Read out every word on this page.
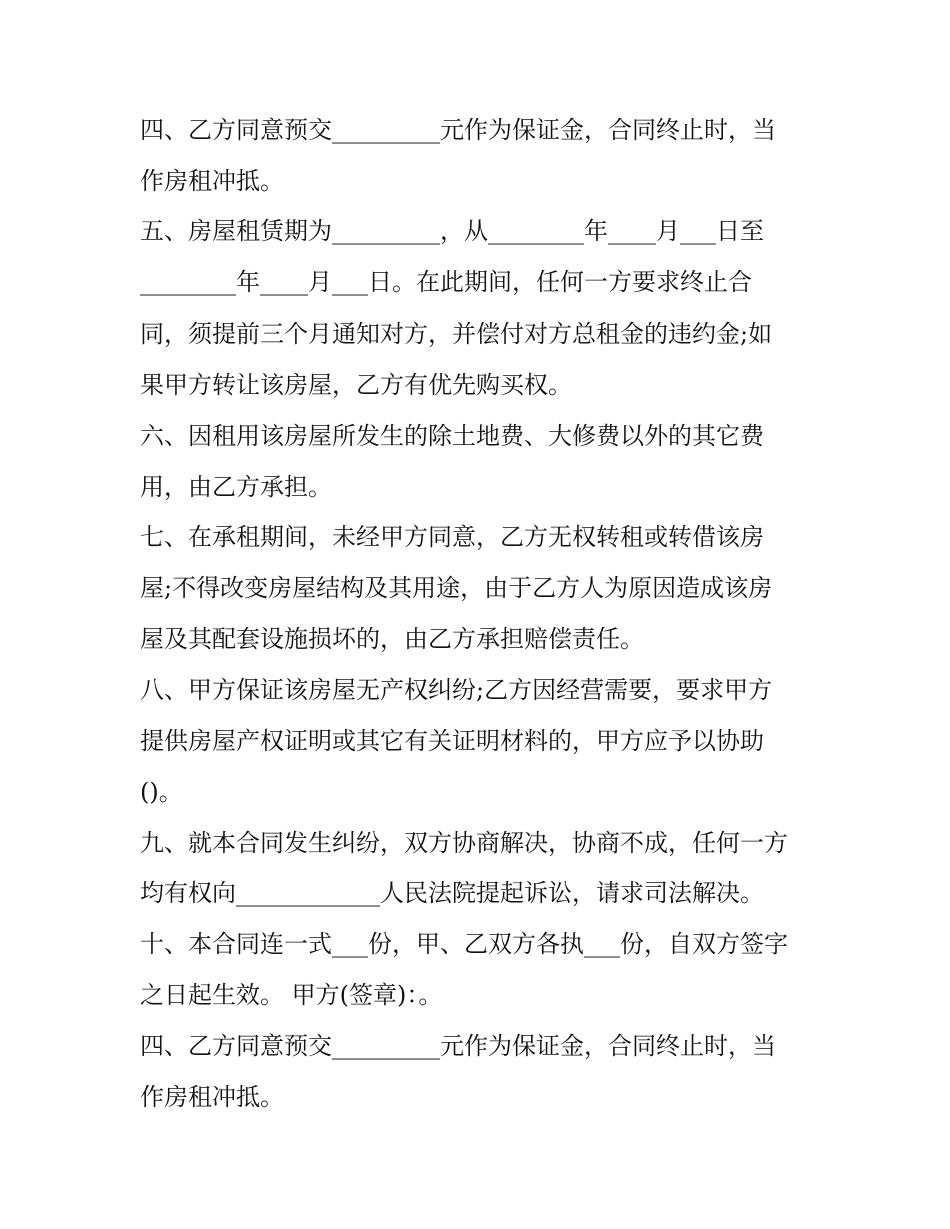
四、乙方同意预交_________元作为保证金，合同终止时，当
作房租冲抵。
五、房屋租赁期为_________，从________年____月___日至
________年____月___日。在此期间，任何一方要求终止合
同，须提前三个月通知对方，并偿付对方总租金的违约金;如
果甲方转让该房屋，乙方有优先购买权。
六、因租用该房屋所发生的除土地费、大修费以外的其它费
用，由乙方承担。
七、在承租期间，未经甲方同意，乙方无权转租或转借该房
屋;不得改变房屋结构及其用途，由于乙方人为原因造成该房
屋及其配套设施损坏的，由乙方承担赔偿责任。
八、甲方保证该房屋无产权纠纷;乙方因经营需要，要求甲方
提供房屋产权证明或其它有关证明材料的，甲方应予以协助
()。
九、就本合同发生纠纷，双方协商解决，协商不成，任何一方
均有权向____________人民法院提起诉讼，请求司法解决。
十、本合同连一式___份，甲、乙双方各执___份，自双方签字
之日起生效。 甲方(签章)：。
四、乙方同意预交_________元作为保证金，合同终止时，当
作房租冲抵。
